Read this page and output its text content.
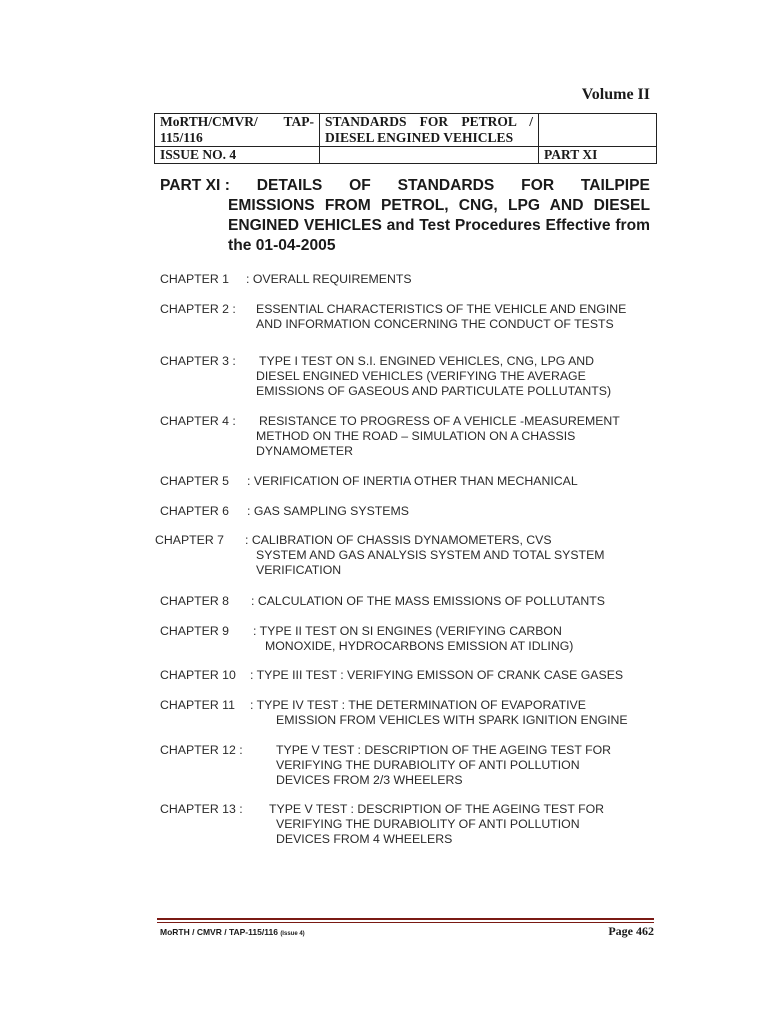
Volume II
MoRTH/CMVR/ TAP-115/116	STANDARDS FOR PETROL / DIESEL ENGINED VEHICLES	
ISSUE NO. 4		PART XI
PART XI : DETAILS OF STANDARDS FOR TAILPIPE
EMISSIONS FROM PETROL, CNG, LPG AND DIESEL ENGINED VEHICLES and Test Procedures Effective from the 01-04-2005
CHAPTER 1 : OVERALL REQUIREMENTS
CHAPTER 2 : ESSENTIAL CHARACTERISTICS OF THE VEHICLE AND ENGINE
AND INFORMATION CONCERNING THE CONDUCT OF TESTS
CHAPTER 3 : TYPE I TEST ON S.I. ENGINED VEHICLES, CNG, LPG AND
DIESEL ENGINED VEHICLES (VERIFYING THE AVERAGE
EMISSIONS OF GASEOUS AND PARTICULATE POLLUTANTS)
CHAPTER 4 : RESISTANCE TO PROGRESS OF A VEHICLE -MEASUREMENT
METHOD ON THE ROAD – SIMULATION ON A CHASSIS
DYNAMOMETER
CHAPTER 5 : VERIFICATION OF INERTIA OTHER THAN MECHANICAL
CHAPTER 6 : GAS SAMPLING SYSTEMS
CHAPTER 7 : CALIBRATION OF CHASSIS DYNAMOMETERS, CVS
SYSTEM AND GAS ANALYSIS SYSTEM AND TOTAL SYSTEM
VERIFICATION
CHAPTER 8 : CALCULATION OF THE MASS EMISSIONS OF POLLUTANTS
CHAPTER 9 : TYPE II TEST ON SI ENGINES (VERIFYING CARBON
MONOXIDE, HYDROCARBONS EMISSION AT IDLING)
CHAPTER 10 : TYPE III TEST : VERIFYING EMISSON OF CRANK CASE GASES
CHAPTER 11 : TYPE IV TEST : THE DETERMINATION OF EVAPORATIVE
EMISSION FROM VEHICLES WITH SPARK IGNITION ENGINE
CHAPTER 12 :	TYPE V TEST : DESCRIPTION OF THE AGEING TEST FOR
VERIFYING THE DURABIOLITY OF ANTI POLLUTION
DEVICES FROM 2/3 WHEELERS
CHAPTER 13 : TYPE V TEST : DESCRIPTION OF THE AGEING TEST FOR
VERIFYING THE DURABIOLITY OF ANTI POLLUTION
DEVICES FROM 4 WHEELERS
MoRTH / CMVR / TAP-115/116 (Issue 4)	Page 462
